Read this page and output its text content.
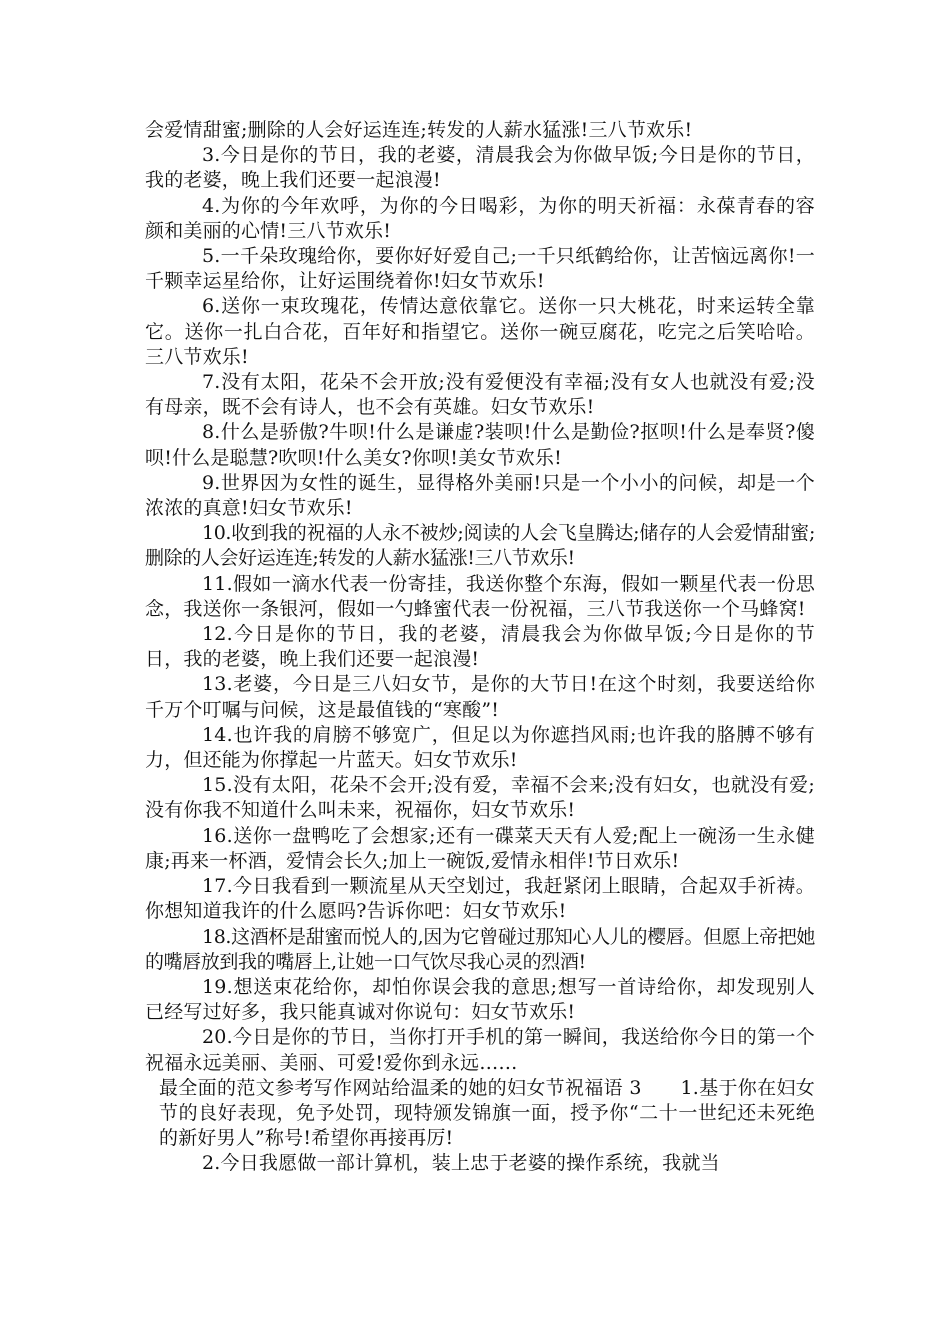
会爱情甜蜜;删除的人会好运连连;转发的人薪水猛涨!三八节欢乐!

3.今日是你的节日，我的老婆，清晨我会为你做早饭;今日是你的节日，我的老婆，晚上我们还要一起浪漫!

4.为你的今年欢呼，为你的今日喝彩，为你的明天祈福：永葆青春的容颜和美丽的心情!三八节欢乐!

5.一千朵玫瑰给你，要你好好爱自己;一千只纸鹤给你，让苦恼远离你!一千颗幸运星给你，让好运围绕着你!妇女节欢乐!

6.送你一束玫瑰花，传情达意依靠它。送你一只大桃花，时来运转全靠它。送你一扎白合花，百年好和指望它。送你一碗豆腐花，吃完之后笑哈哈。三八节欢乐!

7.没有太阳，花朵不会开放;没有爱便没有幸福;没有女人也就没有爱;没有母亲，既不会有诗人，也不会有英雄。妇女节欢乐!

8.什么是骄傲?牛呗!什么是谦虚?装呗!什么是勤俭?抠呗!什么是奉贤?傻呗!什么是聪慧?吹呗!什么美女?你呗!美女节欢乐!

9.世界因为女性的诞生，显得格外美丽!只是一个小小的问候，却是一个浓浓的真意!妇女节欢乐!

10.收到我的祝福的人永不被炒;阅读的人会飞皇腾达;储存的人会爱情甜蜜;删除的人会好运连连;转发的人薪水猛涨!三八节欢乐!

11.假如一滴水代表一份寄挂，我送你整个东海，假如一颗星代表一份思念，我送你一条银河，假如一勺蜂蜜代表一份祝福，三八节我送你一个马蜂窝!

12.今日是你的节日，我的老婆，清晨我会为你做早饭;今日是你的节日，我的老婆，晚上我们还要一起浪漫!

13.老婆，今日是三八妇女节，是你的大节日!在这个时刻，我要送给你千万个叮嘱与问候，这是最值钱的“寒酸”!

14.也许我的肩膀不够宽广，但足以为你遮挡风雨;也许我的胳膊不够有力，但还能为你撑起一片蓝天。妇女节欢乐!

15.没有太阳，花朵不会开;没有爱，幸福不会来;没有妇女，也就没有爱;没有你我不知道什么叫未来，祝福你，妇女节欢乐!

16.送你一盘鸭吃了会想家;还有一碟菜天天有人爱;配上一碗汤一生永健康;再来一杯酒，爱情会长久;加上一碗饭,爱情永相伴!节日欢乐!

17.今日我看到一颗流星从天空划过，我赶紧闭上眼睛，合起双手祈祷。你想知道我许的什么愿吗?告诉你吧：妇女节欢乐!

18.这酒杯是甜蜜而悦人的,因为它曾碰过那知心人儿的樱唇。但愿上帝把她的嘴唇放到我的嘴唇上,让她一口气饮尽我心灵的烈酒!

19.想送束花给你，却怕你误会我的意思;想写一首诗给你，却发现别人已经写过好多，我只能真诚对你说句：妇女节欢乐!

20.今日是你的节日，当你打开手机的第一瞬间，我送给你今日的第一个祝福永远美丽、美丽、可爱!爱你到永远……

最全面的范文参考写作网站给温柔的她的妇女节祝福语 3　　1.基于你在妇女节的良好表现，免予处罚，现特颁发锦旗一面，授予你“二十一世纪还未死绝的新好男人”称号!希望你再接再厉!

2.今日我愿做一部计算机，装上忠于老婆的操作系统，我就当
